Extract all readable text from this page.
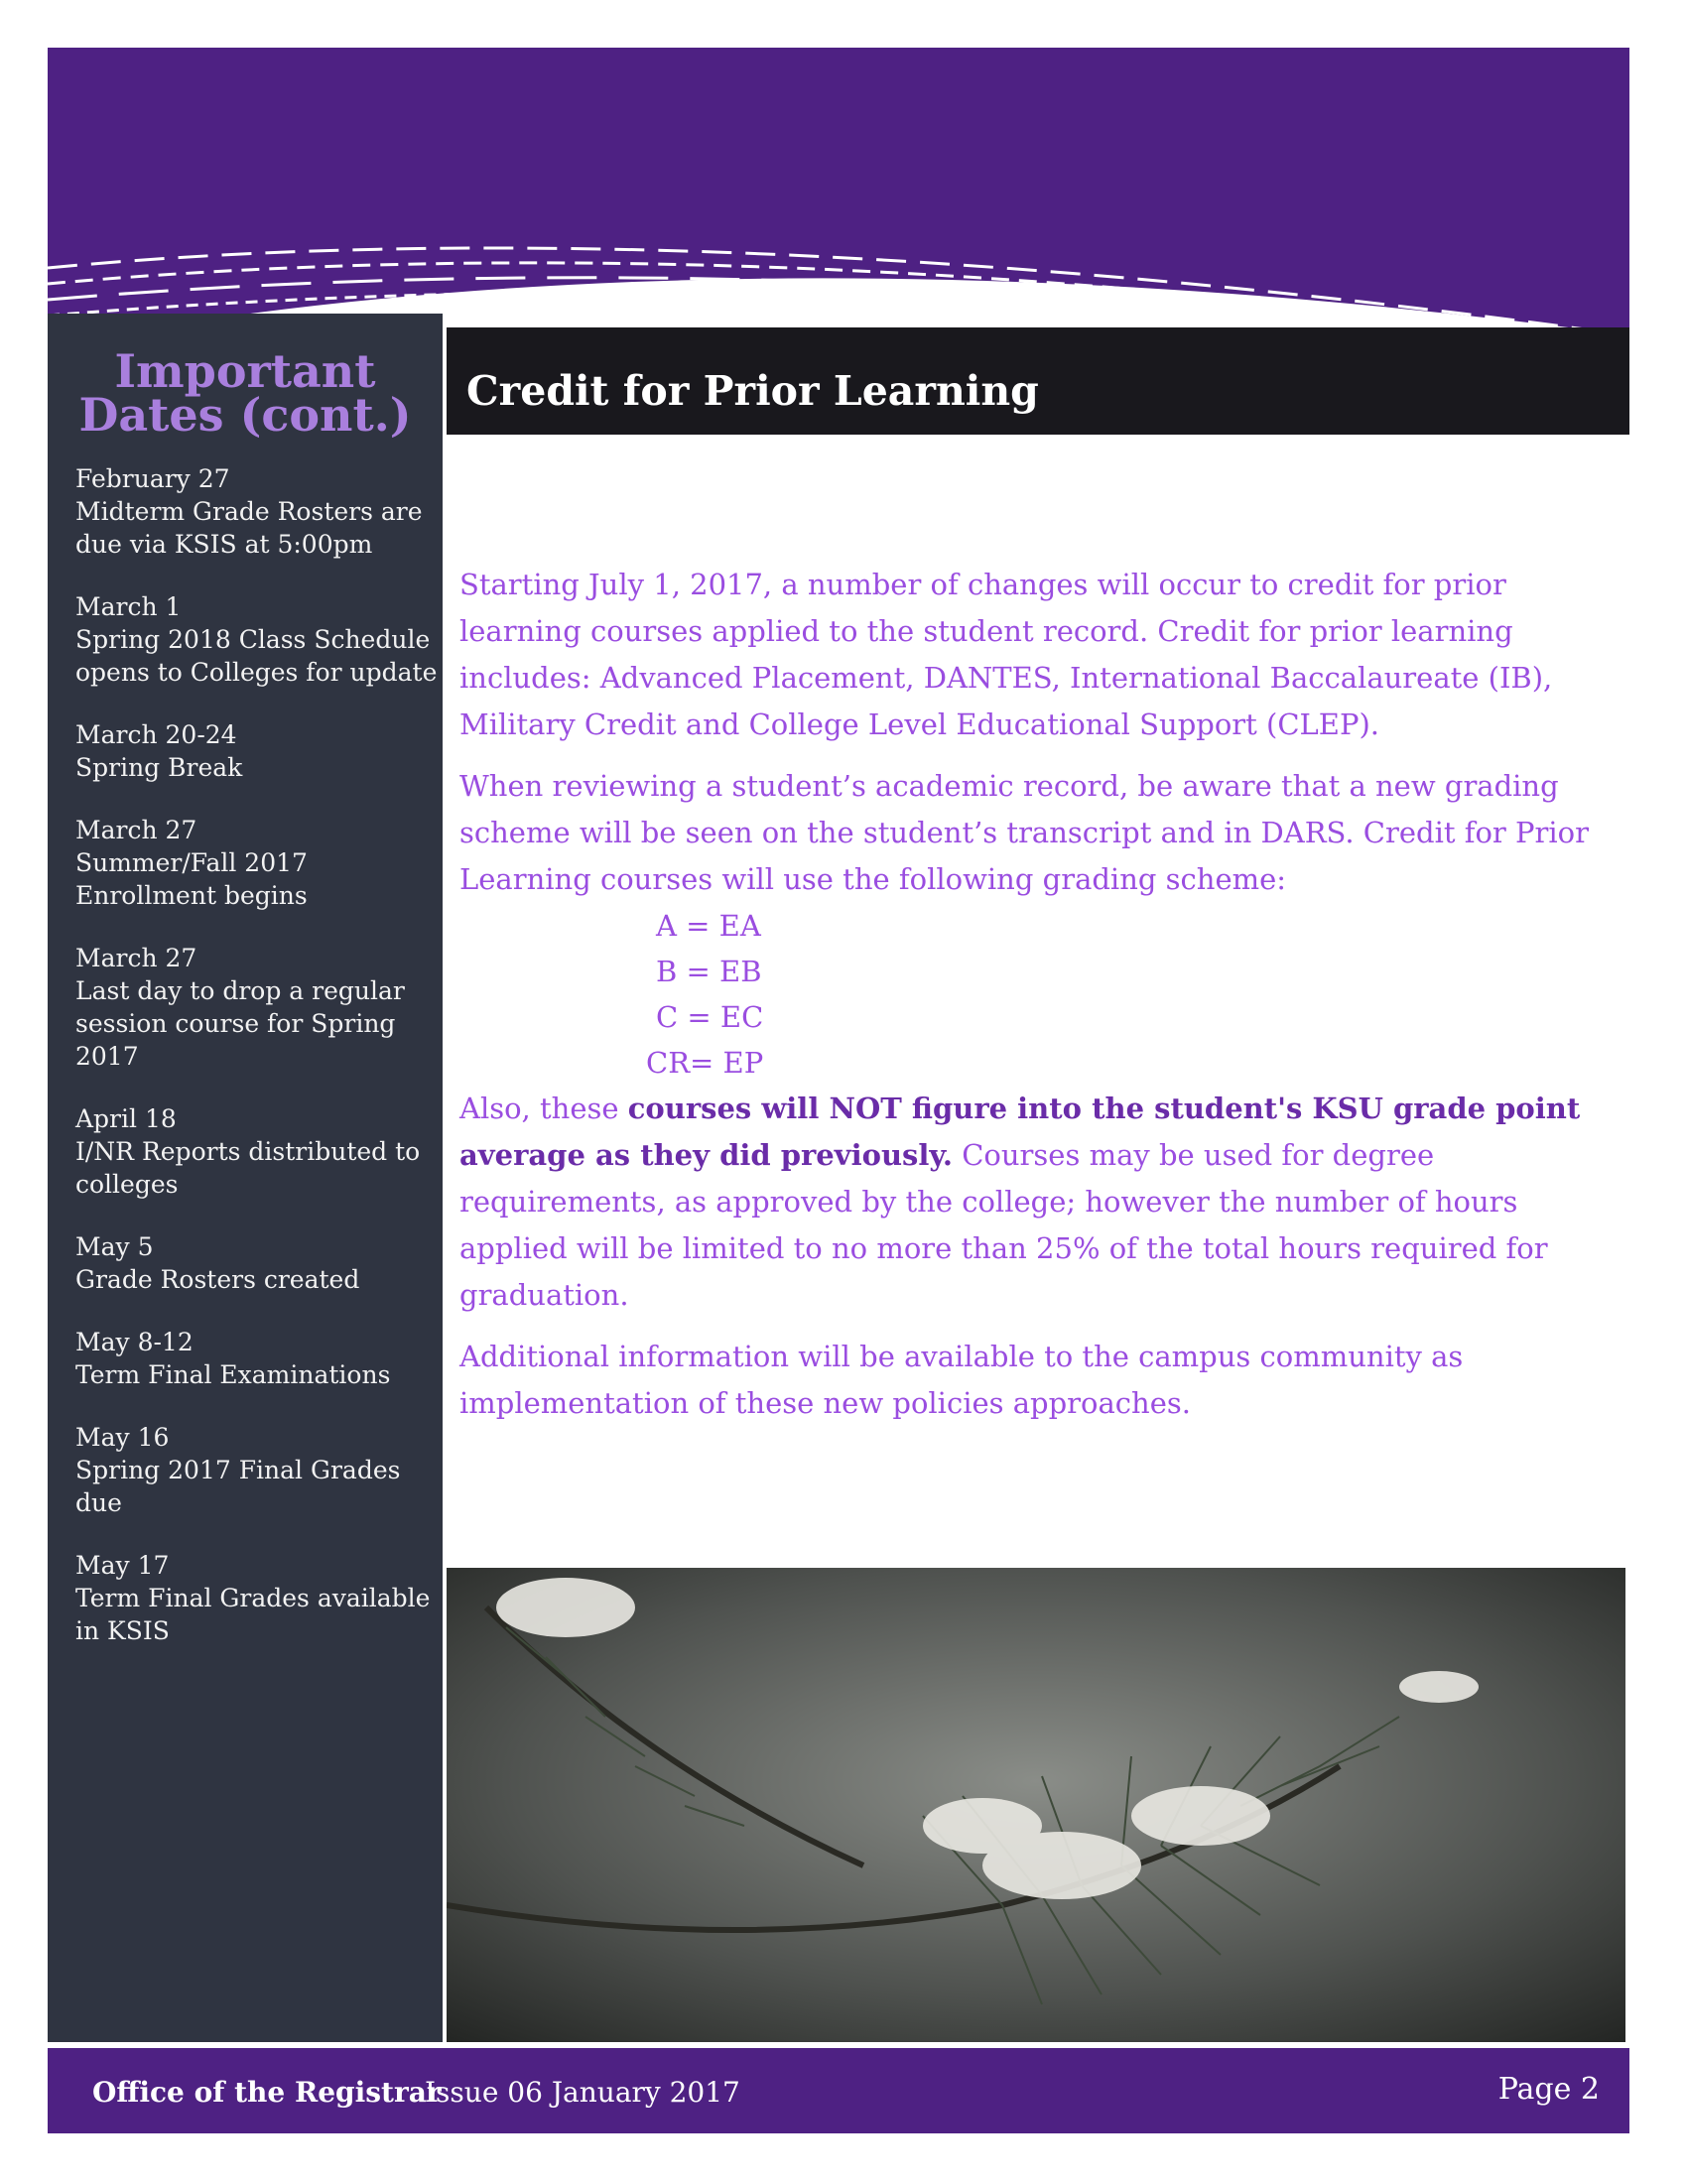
Important
Dates (cont.)
February 27
Midterm Grade Rosters are due via KSIS at 5:00pm
March 1
Spring 2018 Class Schedule opens to Colleges for update
March 20-24
Spring Break
March 27
Summer/Fall 2017 Enrollment begins
March 27
Last day to drop a regular session course for Spring 2017
April 18
I/NR Reports distributed to colleges
May 5
Grade Rosters created
May 8-12
Term Final Examinations
May 16
Spring 2017 Final Grades due
May 17
Term Final Grades available in KSIS
Credit for Prior Learning

Starting July 1, 2017, a number of changes will occur to credit for prior learning courses applied to the student record. Credit for prior learning includes: Advanced Placement, DANTES, International Baccalaureate (IB), Military Credit and College Level Educational Support (CLEP).

When reviewing a student’s academic record, be aware that a new grading scheme will be seen on the student’s transcript and in DARS. Credit for Prior Learning courses will use the following grading scheme:

A = EA
B = EB
C = EC
CR= EP

Also, these courses will NOT figure into the student's KSU grade point average as they did previously. Courses may be used for degree requirements, as approved by the college; however the number of hours applied will be limited to no more than 25% of the total hours required for graduation.

Additional information will be available to the campus community as implementation of these new policies approaches.

Office of the Registrar
Issue 06 January 2017	Page 2
